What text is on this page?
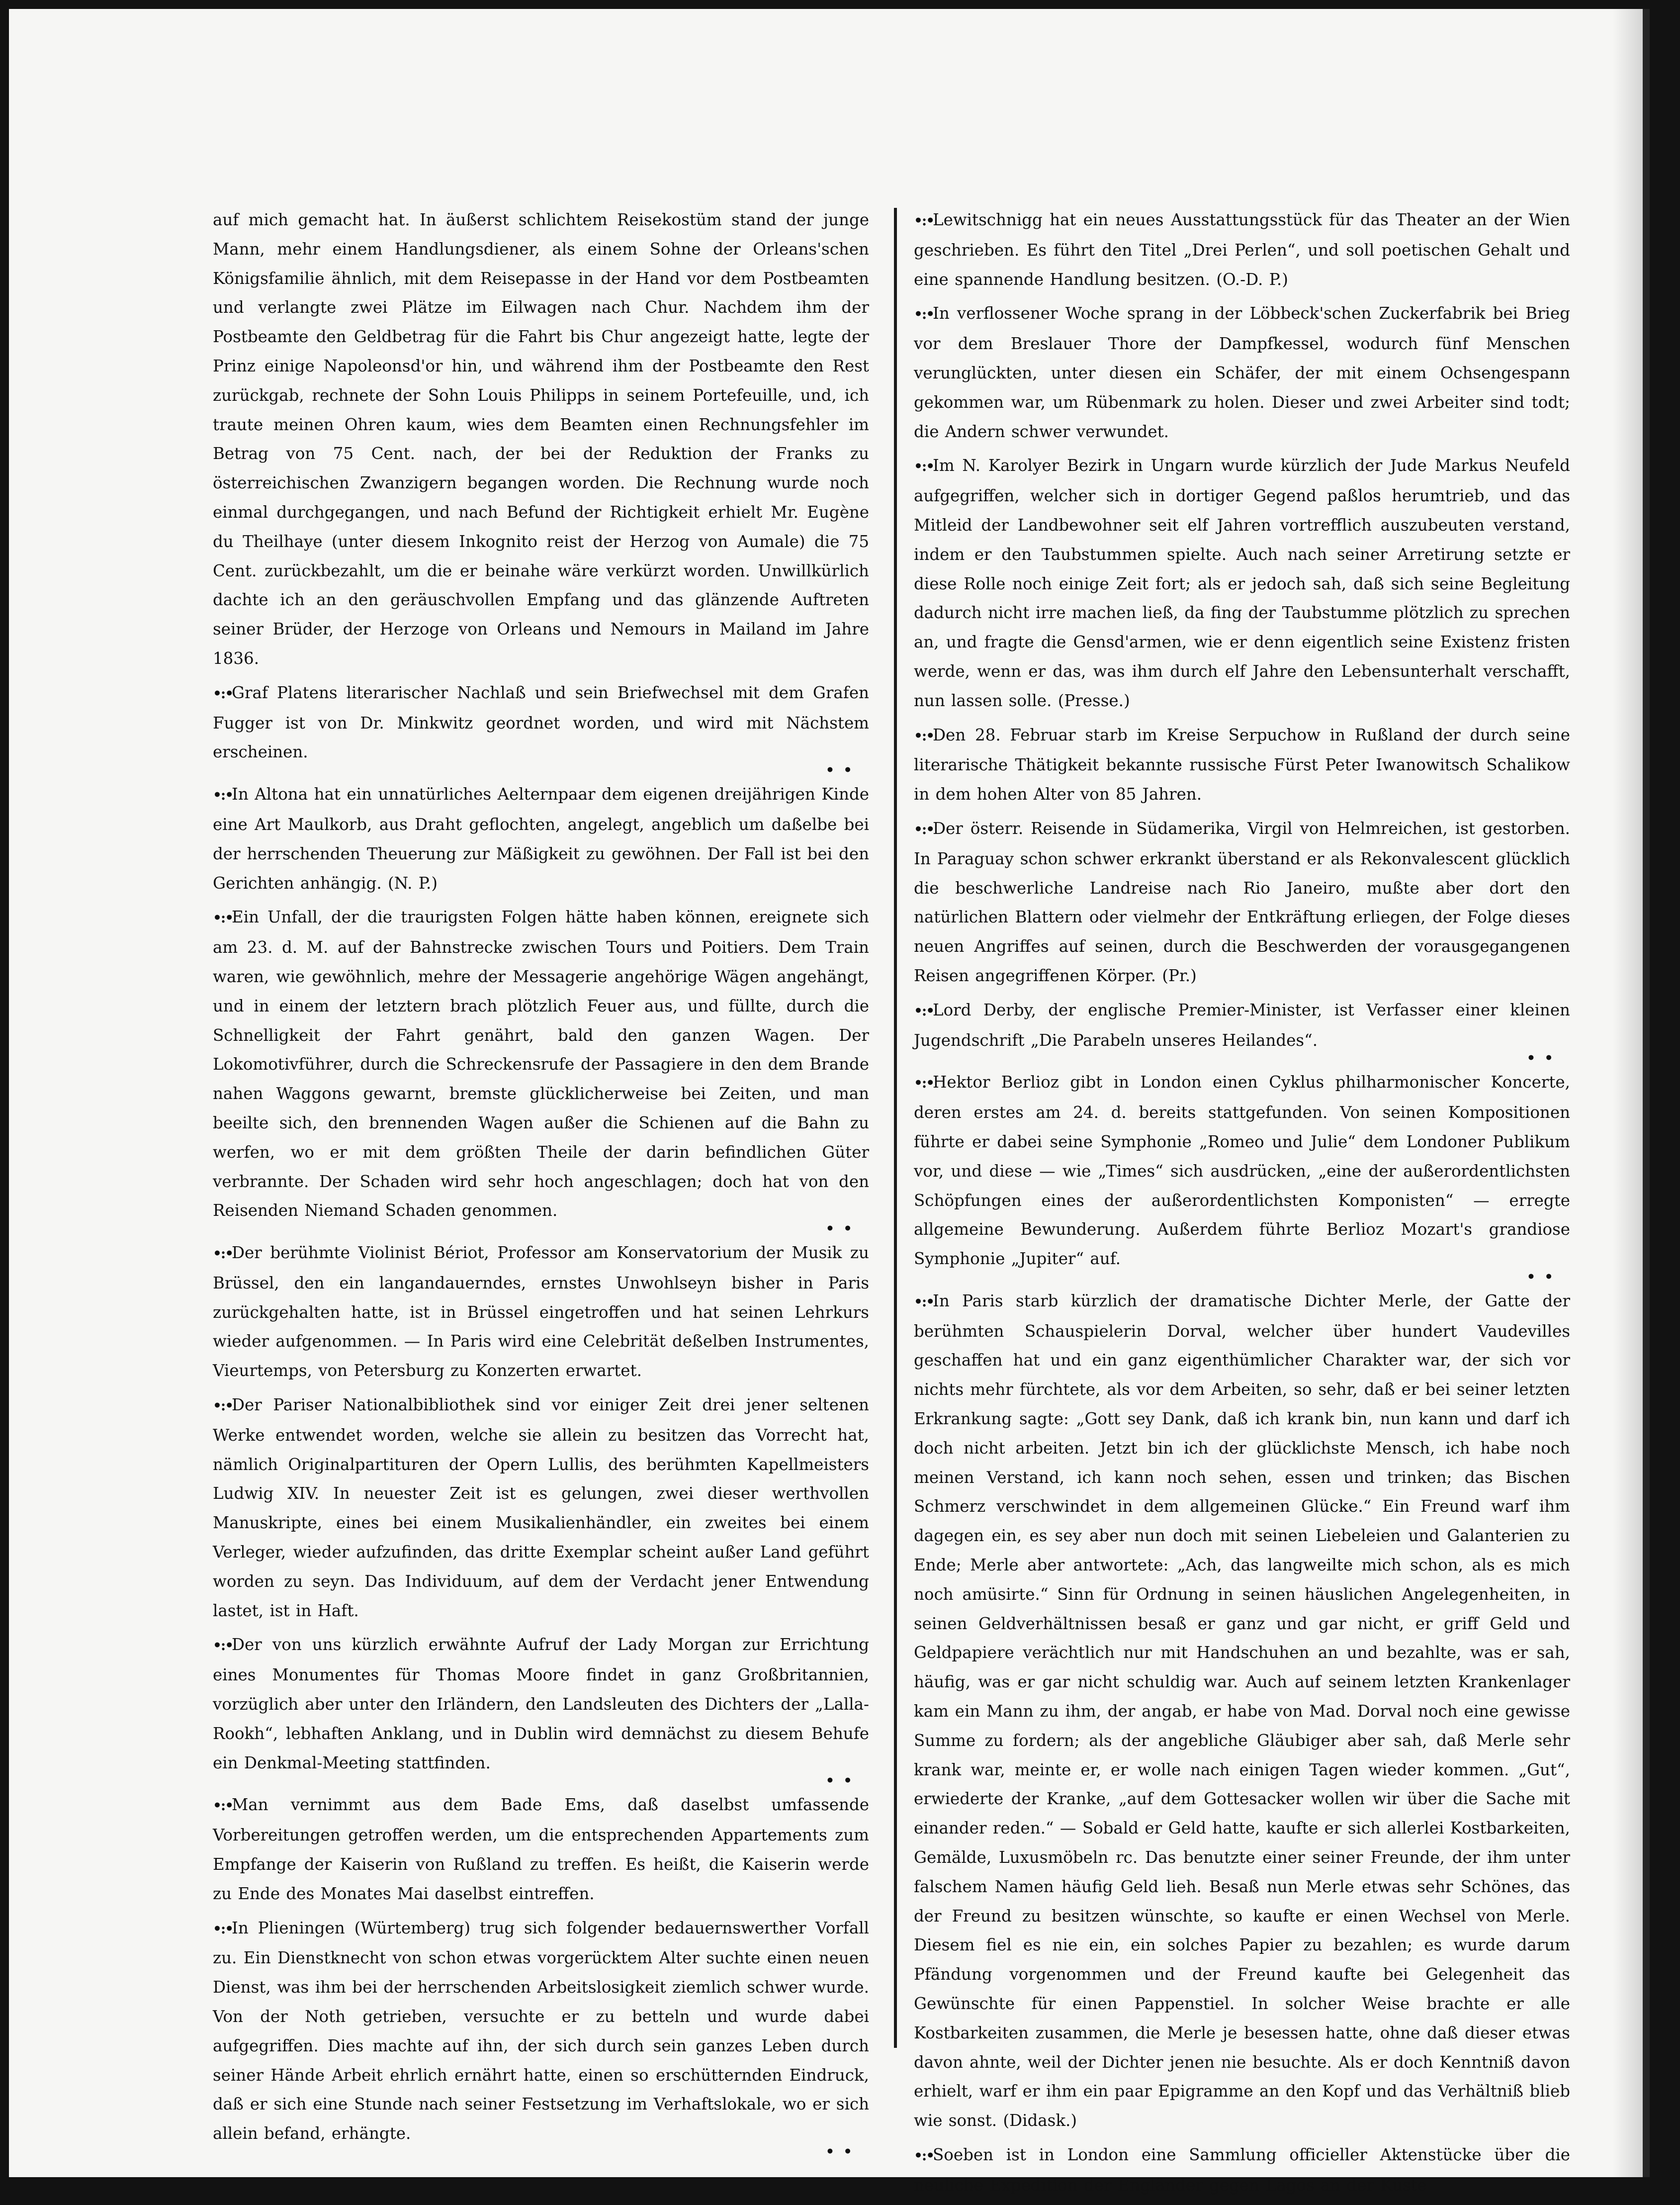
auf mich gemacht hat. In äußerst schlichtem Reisekostüm stand der junge Mann, mehr einem Handlungsdiener, als einem Sohne der Orleans'schen Königsfamilie ähnlich, mit dem Reisepasse in der Hand vor dem Postbeamten und verlangte zwei Plätze im Eilwagen nach Chur. Nachdem ihm der Postbeamte den Geldbetrag für die Fahrt bis Chur angezeigt hatte, legte der Prinz einige Napoleonsd'or hin, und während ihm der Postbeamte den Rest zurückgab, rechnete der Sohn Louis Philipps in seinem Portefeuille, und, ich traute meinen Ohren kaum, wies dem Beamten einen Rechnungsfehler im Betrag von 75 Cent. nach, der bei der Reduktion der Franks zu österreichischen Zwanzigern begangen worden. Die Rechnung wurde noch einmal durchgegangen, und nach Befund der Richtigkeit erhielt Mr. Eugène du Theilhaye (unter diesem Inkognito reist der Herzog von Aumale) die 75 Cent. zurückbezahlt, um die er beinahe wäre verkürzt worden. Unwillkürlich dachte ich an den geräuschvollen Empfang und das glänzende Auftreten seiner Brüder, der Herzoge von Orleans und Nemours in Mailand im Jahre 1836.

•:•Graf Platens literarischer Nachlaß und sein Briefwechsel mit dem Grafen Fugger ist von Dr. Minkwitz geordnet worden, und wird mit Nächstem erscheinen.

• •

•:•In Altona hat ein unnatürliches Aelternpaar dem eigenen dreijährigen Kinde eine Art Maulkorb, aus Draht geflochten, angelegt, angeblich um daßelbe bei der herrschenden Theuerung zur Mäßigkeit zu gewöhnen. Der Fall ist bei den Gerichten anhängig. (N. P.)

•:•Ein Unfall, der die traurigsten Folgen hätte haben können, ereignete sich am 23. d. M. auf der Bahnstrecke zwischen Tours und Poitiers. Dem Train waren, wie gewöhnlich, mehre der Messagerie angehörige Wägen angehängt, und in einem der letztern brach plötzlich Feuer aus, und füllte, durch die Schnelligkeit der Fahrt genährt, bald den ganzen Wagen. Der Lokomotivführer, durch die Schreckensrufe der Passagiere in den dem Brande nahen Waggons gewarnt, bremste glücklicherweise bei Zeiten, und man beeilte sich, den brennenden Wagen außer die Schienen auf die Bahn zu werfen, wo er mit dem größten Theile der darin befindlichen Güter verbrannte. Der Schaden wird sehr hoch angeschlagen; doch hat von den Reisenden Niemand Schaden genommen.

• •

•:•Der berühmte Violinist Bériot, Professor am Konservatorium der Musik zu Brüssel, den ein langandauerndes, ernstes Unwohlseyn bisher in Paris zurückgehalten hatte, ist in Brüssel eingetroffen und hat seinen Lehrkurs wieder aufgenommen. — In Paris wird eine Celebrität deßelben Instrumentes, Vieurtemps, von Petersburg zu Konzerten erwartet.

•:•Der Pariser Nationalbibliothek sind vor einiger Zeit drei jener seltenen Werke entwendet worden, welche sie allein zu besitzen das Vorrecht hat, nämlich Originalpartituren der Opern Lullis, des berühmten Kapellmeisters Ludwig XIV. In neuester Zeit ist es gelungen, zwei dieser werthvollen Manuskripte, eines bei einem Musikalienhändler, ein zweites bei einem Verleger, wieder aufzufinden, das dritte Exemplar scheint außer Land geführt worden zu seyn. Das Individuum, auf dem der Verdacht jener Entwendung lastet, ist in Haft.

•:•Der von uns kürzlich erwähnte Aufruf der Lady Morgan zur Errichtung eines Monumentes für Thomas Moore findet in ganz Großbritannien, vorzüglich aber unter den Irländern, den Landsleuten des Dichters der „Lalla-Rookh“, lebhaften Anklang, und in Dublin wird demnächst zu diesem Behufe ein Denkmal-Meeting stattfinden.

• •

•:•Man vernimmt aus dem Bade Ems, daß daselbst umfassende Vorbereitungen getroffen werden, um die entsprechenden Appartements zum Empfange der Kaiserin von Rußland zu treffen. Es heißt, die Kaiserin werde zu Ende des Monates Mai daselbst eintreffen.

•:•In Plieningen (Würtemberg) trug sich folgender bedauernswerther Vorfall zu. Ein Dienstknecht von schon etwas vorgerücktem Alter suchte einen neuen Dienst, was ihm bei der herrschenden Arbeitslosigkeit ziemlich schwer wurde. Von der Noth getrieben, versuchte er zu betteln und wurde dabei aufgegriffen. Dies machte auf ihn, der sich durch sein ganzes Leben durch seiner Hände Arbeit ehrlich ernährt hatte, einen so erschütternden Eindruck, daß er sich eine Stunde nach seiner Festsetzung im Verhaftslokale, wo er sich allein befand, erhängte.

• •

•:•Lewitschnigg hat ein neues Ausstattungsstück für das Theater an der Wien geschrieben. Es führt den Titel „Drei Perlen“, und soll poetischen Gehalt und eine spannende Handlung besitzen. (O.-D. P.)

•:•In verflossener Woche sprang in der Löbbeck'schen Zuckerfabrik bei Brieg vor dem Breslauer Thore der Dampfkessel, wodurch fünf Menschen verunglückten, unter diesen ein Schäfer, der mit einem Ochsengespann gekommen war, um Rübenmark zu holen. Dieser und zwei Arbeiter sind todt; die Andern schwer verwundet.

•:•Im N. Karolyer Bezirk in Ungarn wurde kürzlich der Jude Markus Neufeld aufgegriffen, welcher sich in dortiger Gegend paßlos herumtrieb, und das Mitleid der Landbewohner seit elf Jahren vortrefflich auszubeuten verstand, indem er den Taubstummen spielte. Auch nach seiner Arretirung setzte er diese Rolle noch einige Zeit fort; als er jedoch sah, daß sich seine Begleitung dadurch nicht irre machen ließ, da fing der Taubstumme plötzlich zu sprechen an, und fragte die Gensd'armen, wie er denn eigentlich seine Existenz fristen werde, wenn er das, was ihm durch elf Jahre den Lebensunterhalt verschafft, nun lassen solle. (Presse.)

•:•Den 28. Februar starb im Kreise Serpuchow in Rußland der durch seine literarische Thätigkeit bekannte russische Fürst Peter Iwanowitsch Schalikow in dem hohen Alter von 85 Jahren.

•:•Der österr. Reisende in Südamerika, Virgil von Helmreichen, ist gestorben. In Paraguay schon schwer erkrankt überstand er als Rekonvalescent glücklich die beschwerliche Landreise nach Rio Janeiro, mußte aber dort den natürlichen Blattern oder vielmehr der Entkräftung erliegen, der Folge dieses neuen Angriffes auf seinen, durch die Beschwerden der vorausgegangenen Reisen angegriffenen Körper. (Pr.)

•:•Lord Derby, der englische Premier-Minister, ist Verfasser einer kleinen Jugendschrift „Die Parabeln unseres Heilandes“.

• •

•:•Hektor Berlioz gibt in London einen Cyklus philharmonischer Koncerte, deren erstes am 24. d. bereits stattgefunden. Von seinen Kompositionen führte er dabei seine Symphonie „Romeo und Julie“ dem Londoner Publikum vor, und diese — wie „Times“ sich ausdrücken, „eine der außerordentlichsten Schöpfungen eines der außerordentlichsten Komponisten“ — erregte allgemeine Bewunderung. Außerdem führte Berlioz Mozart's grandiose Symphonie „Jupiter“ auf.

• •

•:•In Paris starb kürzlich der dramatische Dichter Merle, der Gatte der berühmten Schauspielerin Dorval, welcher über hundert Vaudevilles geschaffen hat und ein ganz eigenthümlicher Charakter war, der sich vor nichts mehr fürchtete, als vor dem Arbeiten, so sehr, daß er bei seiner letzten Erkrankung sagte: „Gott sey Dank, daß ich krank bin, nun kann und darf ich doch nicht arbeiten. Jetzt bin ich der glücklichste Mensch, ich habe noch meinen Verstand, ich kann noch sehen, essen und trinken; das Bischen Schmerz verschwindet in dem allgemeinen Glücke.“ Ein Freund warf ihm dagegen ein, es sey aber nun doch mit seinen Liebeleien und Galanterien zu Ende; Merle aber antwortete: „Ach, das langweilte mich schon, als es mich noch amüsirte.“ Sinn für Ordnung in seinen häuslichen Angelegenheiten, in seinen Geldverhältnissen besaß er ganz und gar nicht, er griff Geld und Geldpapiere verächtlich nur mit Handschuhen an und bezahlte, was er sah, häufig, was er gar nicht schuldig war. Auch auf seinem letzten Krankenlager kam ein Mann zu ihm, der angab, er habe von Mad. Dorval noch eine gewisse Summe zu fordern; als der angebliche Gläubiger aber sah, daß Merle sehr krank war, meinte er, er wolle nach einigen Tagen wieder kommen. „Gut“, erwiederte der Kranke, „auf dem Gottesacker wollen wir über die Sache mit einander reden.“ — Sobald er Geld hatte, kaufte er sich allerlei Kostbarkeiten, Gemälde, Luxusmöbeln rc. Das benutzte einer seiner Freunde, der ihm unter falschem Namen häufig Geld lieh. Besaß nun Merle etwas sehr Schönes, das der Freund zu besitzen wünschte, so kaufte er einen Wechsel von Merle. Diesem fiel es nie ein, ein solches Papier zu bezahlen; es wurde darum Pfändung vorgenommen und der Freund kaufte bei Gelegenheit das Gewünschte für einen Pappenstiel. In solcher Weise brachte er alle Kostbarkeiten zusammen, die Merle je besessen hatte, ohne daß dieser etwas davon ahnte, weil der Dichter jenen nie besuchte. Als er doch Kenntniß davon erhielt, warf er ihm ein paar Epigramme an den Kopf und das Verhältniß blieb wie sonst. (Didask.)

•:•Soeben ist in London eine Sammlung officieller Aktenstücke über die neuliche Expedition der Engländer gegen Lagos an der Küste
